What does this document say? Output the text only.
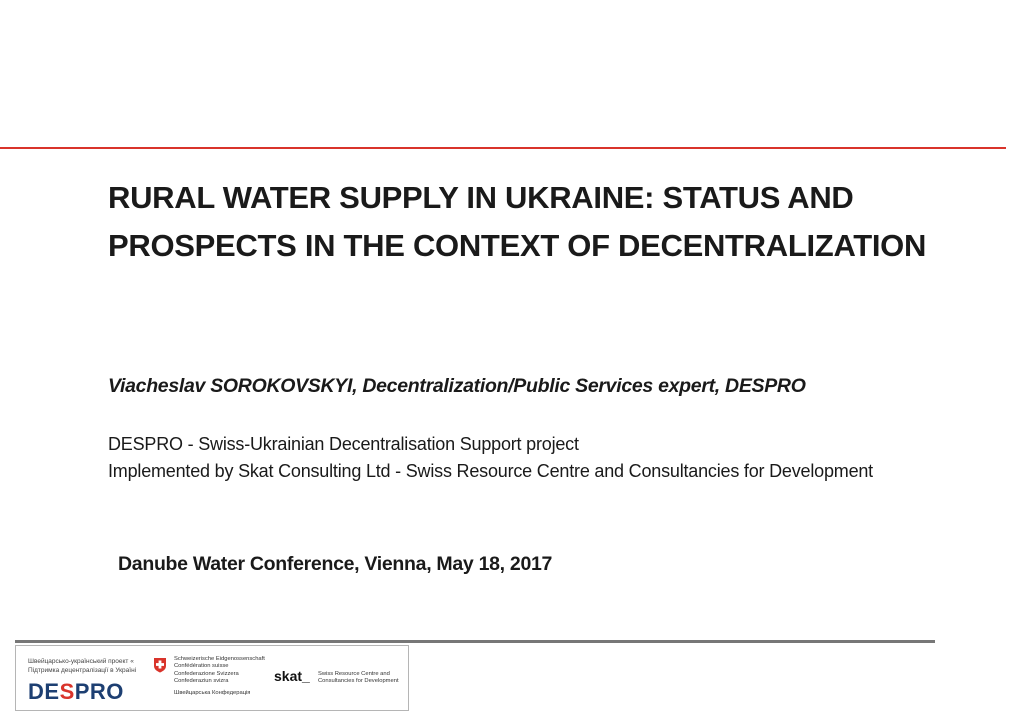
RURAL WATER SUPPLY IN UKRAINE: STATUS AND
PROSPECTS IN THE CONTEXT OF DECENTRALIZATION
Viacheslav SOROKOVSKYI, Decentralization/Public Services expert, DESPRO
DESPRO - Swiss-Ukrainian Decentralisation Support project
Implemented by Skat Consulting Ltd - Swiss Resource Centre and Consultancies for Development
Danube Water Conference, Vienna, May 18, 2017
Швейцарсько-український проект «
Підтримка децентралізації в Україні
DESPRO
Schweizerische Eidgenossenschaft
Confédération suisse
Confederazione Svizzera
Confederaziun svizra
Швейцарська Конфедерація
skat_ Swiss Resource Centre and
Consultancies for Development
